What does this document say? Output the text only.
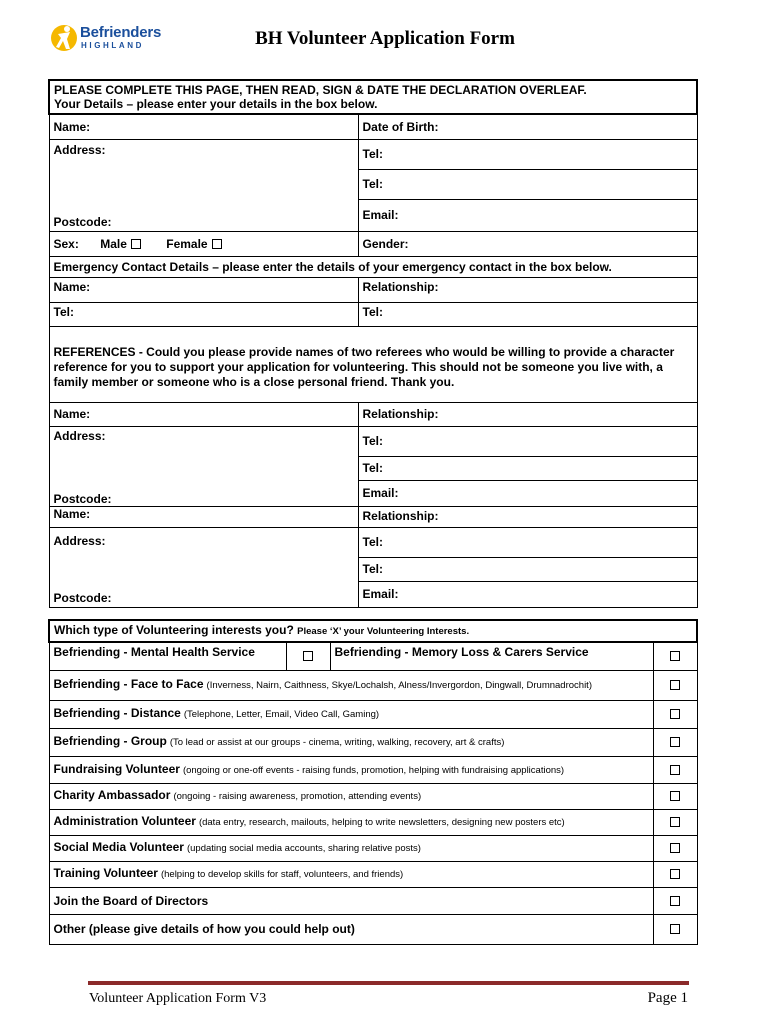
Befrienders
HIGHLAND	BH Volunteer Application Form
PLEASE COMPLETE THIS PAGE, THEN READ, SIGN & DATE THE DECLARATION OVERLEAF.
Your Details – please enter your details in the box below.	

Name:	Date of Birth:

Address:
Postcode:	Tel:
	Tel:
	Email:
Sex: Male Female	Gender:
Emergency Contact Details – please enter the details of your emergency contact in the box below.	
Name:	Relationship:
Tel:	Tel:
REFERENCES - Could you please provide names of two referees who would be willing to provide a character reference for you to support your application for volunteering. This should not be someone you live with, a family member or someone who is a close personal friend. Thank you.	
Name:	Relationship:

Address:
Postcode:	Tel:
	Tel:
	Email:
Name:	Relationship:

Address:
Postcode:	Tel:
	Tel:
	Email:
Which type of Volunteering interests you? Please ‘X’ your Volunteering Interests.			
Befriending - Mental Health Service		Befriending - Memory Loss & Carers Service	
Befriending - Face to Face (Inverness, Nairn, Caithness, Skye/Lochalsh, Alness/Invergordon, Dingwall, Drumnadrochit)			
Befriending - Distance (Telephone, Letter, Email, Video Call, Gaming)			
Befriending - Group (To lead or assist at our groups - cinema, writing, walking, recovery, art & crafts)			
Fundraising Volunteer (ongoing or one-off events - raising funds, promotion, helping with fundraising applications)			
Charity Ambassador (ongoing - raising awareness, promotion, attending events)			
Administration Volunteer (data entry, research, mailouts, helping to write newsletters, designing new posters etc)			
Social Media Volunteer (updating social media accounts, sharing relative posts)			
Training Volunteer (helping to develop skills for staff, volunteers, and friends)			
Join the Board of Directors			
Other (please give details of how you could help out)			
Volunteer Application Form V3	Page 1
